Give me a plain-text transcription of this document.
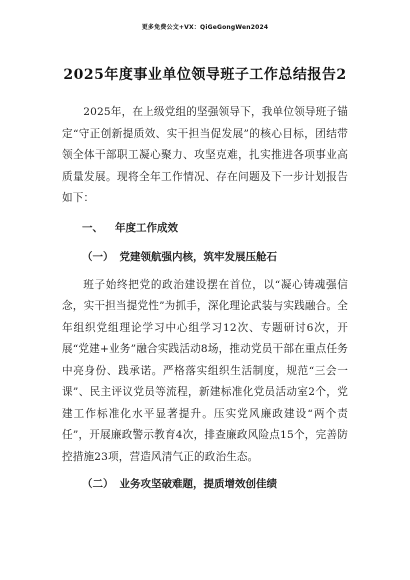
更多免费公文+VX：QiGeGongWen2024
2025年度事业单位领导班子工作总结报告2

2025年，在上级党组的坚强领导下，我单位领导班子锚定“守正创新提质效、实干担当促发展”的核心目标，团结带领全体干部职工凝心聚力、攻坚克难，扎实推进各项事业高质量发展。现将全年工作情况、存在问题及下一步计划报告如下：

一、 年度工作成效
（一） 党建领航强内核，筑牢发展压舱石

班子始终把党的政治建设摆在首位，以“凝心铸魂强信念，实干担当提党性”为抓手，深化理论武装与实践融合。全年组织党组理论学习中心组学习12次、专题研讨6次，开展“党建+业务”融合实践活动8场，推动党员干部在重点任务中亮身份、践承诺。严格落实组织生活制度，规范“三会一课”、民主评议党员等流程，新建标准化党员活动室2个，党建工作标准化水平显著提升。压实党风廉政建设“两个责任”，开展廉政警示教育4次，排查廉政风险点15个，完善防控措施23项，营造风清气正的政治生态。

（二） 业务攻坚破难题，提质增效创佳绩
